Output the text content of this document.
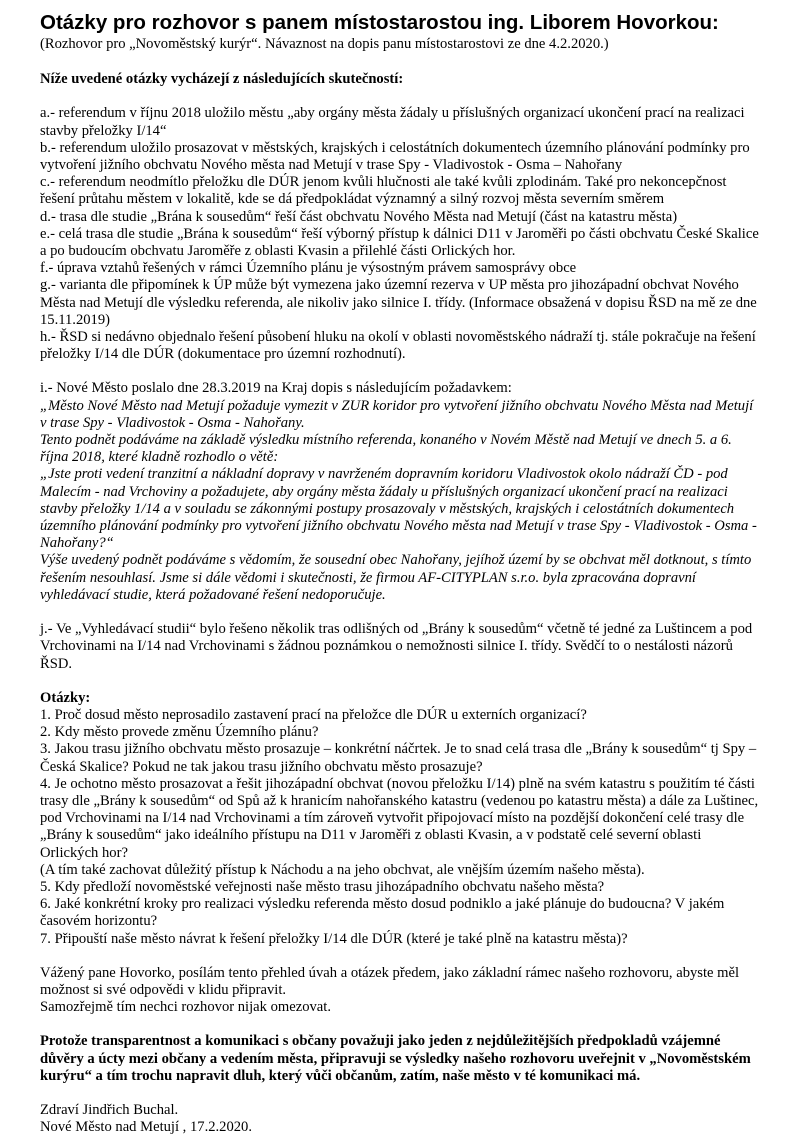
Otázky pro rozhovor s panem místostarostou ing. Liborem Hovorkou:

(Rozhovor pro „Novoměstský kurýr“. Návaznost na dopis panu místostarostovi ze dne 4.2.2020.)

Níže uvedené otázky vycházejí z následujících skutečností:

a.- referendum v říjnu 2018 uložilo městu „aby orgány města žádaly u příslušných organizací ukončení prací na realizaci stavby přeložky I/14“

b.- referendum uložilo prosazovat v městských, krajských i celostátních dokumentech územního plánování podmínky pro vytvoření jižního obchvatu Nového města nad Metují v trase Spy - Vladivostok - Osma – Nahořany

c.- referendum neodmítlo přeložku dle DÚR jenom kvůli hlučnosti ale také kvůli zplodinám. Také pro nekoncepčnost řešení průtahu městem v lokalitě, kde se dá předpokládat významný a silný rozvoj města severním směrem

d.- trasa dle studie „Brána k sousedům“ řeší část obchvatu Nového Města nad Metují (část na katastru města)

e.- celá trasa dle studie „Brána k sousedům“ řeší výborný přístup k dálnici D11 v Jaroměři po části obchvatu České Skalice a po budoucím obchvatu Jaroměře z oblasti Kvasin a přilehlé části Orlických hor.

f.- úprava vztahů řešených v rámci Územního plánu je výsostným právem samosprávy obce

g.- varianta dle připomínek k ÚP může být vymezena jako územní rezerva v UP města pro jihozápadní obchvat Nového Města nad Metují dle výsledku referenda, ale nikoliv jako silnice I. třídy. (Informace obsažená v dopisu ŘSD na mě ze dne 15.11.2019)

h.- ŘSD si nedávno objednalo řešení působení hluku na okolí v oblasti novoměstského nádraží tj. stále pokračuje na řešení přeložky I/14 dle DÚR (dokumentace pro územní rozhodnutí).

i.- Nové Město poslalo dne 28.3.2019 na Kraj dopis s následujícím požadavkem:

„Město Nové Město nad Metují požaduje vymezit v ZUR koridor pro vytvoření jižního obchvatu Nového Města nad Metují v trase Spy - Vladivostok - Osma - Nahořany.

Tento podnět podáváme na základě výsledku místního referenda, konaného v Novém Městě nad Metují ve dnech 5. a 6. října 2018, které kladně rozhodlo o větě:

„Jste proti vedení tranzitní a nákladní dopravy v navrženém dopravním koridoru Vladivostok okolo nádraží ČD - pod Malecím - nad Vrchoviny a požadujete, aby orgány města žádaly u příslušných organizací ukončení prací na realizaci stavby přeložky 1/14 a v souladu se zákonnými postupy prosazovaly v městských, krajských i celostátních dokumentech územního plánování podmínky pro vytvoření jižního obchvatu Nového města nad Metují v trase Spy - Vladivostok - Osma - Nahořany?“

Výše uvedený podnět podáváme s vědomím, že sousední obec Nahořany, jejíhož území by se obchvat měl dotknout, s tímto řešením nesouhlasí. Jsme si dále vědomi i skutečnosti, že firmou AF-CITYPLAN s.r.o. byla zpracována dopravní vyhledávací studie, která požadované řešení nedoporučuje.

j.- Ve „Vyhledávací studii“ bylo řešeno několik tras odlišných od „Brány k sousedům“ včetně té jedné za Luštincem a pod Vrchovinami na I/14 nad Vrchovinami s žádnou poznámkou o nemožnosti silnice I. třídy. Svědčí to o nestálosti názorů ŘSD.

Otázky:

1. Proč dosud město neprosadilo zastavení prací na přeložce dle DÚR u externích organizací?

2. Kdy město provede změnu Územního plánu?

3. Jakou trasu jižního obchvatu město prosazuje – konkrétní náčrtek. Je to snad celá trasa dle „Brány k sousedům“ tj Spy – Česká Skalice? Pokud ne tak jakou trasu jižního obchvatu město prosazuje?

4. Je ochotno město prosazovat a řešit jihozápadní obchvat (novou přeložku I/14) plně na svém katastru s použitím té části trasy dle „Brány k sousedům“ od Spů až k hranicím nahořanského katastru (vedenou po katastru města) a dále za Luštinec, pod Vrchovinami na I/14 nad Vrchovinami a tím zároveň vytvořit připojovací místo na pozdější dokončení celé trasy dle „Brány k sousedům“ jako ideálního přístupu na D11 v Jaroměři z oblasti Kvasin, a v podstatě celé severní oblasti Orlických hor?

(A tím také zachovat důležitý přístup k Náchodu a na jeho obchvat, ale vnějším územím našeho města).

5. Kdy předloží novoměstské veřejnosti naše město trasu jihozápadního obchvatu našeho města?

6. Jaké konkrétní kroky pro realizaci výsledku referenda město dosud podniklo a jaké plánuje do budoucna? V jakém časovém horizontu?

7. Připouští naše město návrat k řešení přeložky I/14 dle DÚR (které je také plně na katastru města)?

Vážený pane Hovorko, posílám tento přehled úvah a otázek předem, jako základní rámec našeho rozhovoru, abyste měl možnost si své odpovědi v klidu připravit.

Samozřejmě tím nechci rozhovor nijak omezovat.

Protože transparentnost a komunikaci s občany považuji jako jeden z nejdůležitějších předpokladů vzájemné důvěry a úcty mezi občany a vedením města, připravuji se výsledky našeho rozhovoru uveřejnit v „Novoměstském kurýru“ a tím trochu napravit dluh, který vůči občanům, zatím, naše město v té komunikaci má.

Zdraví Jindřich Buchal.

Nové Město nad Metují , 17.2.2020.
